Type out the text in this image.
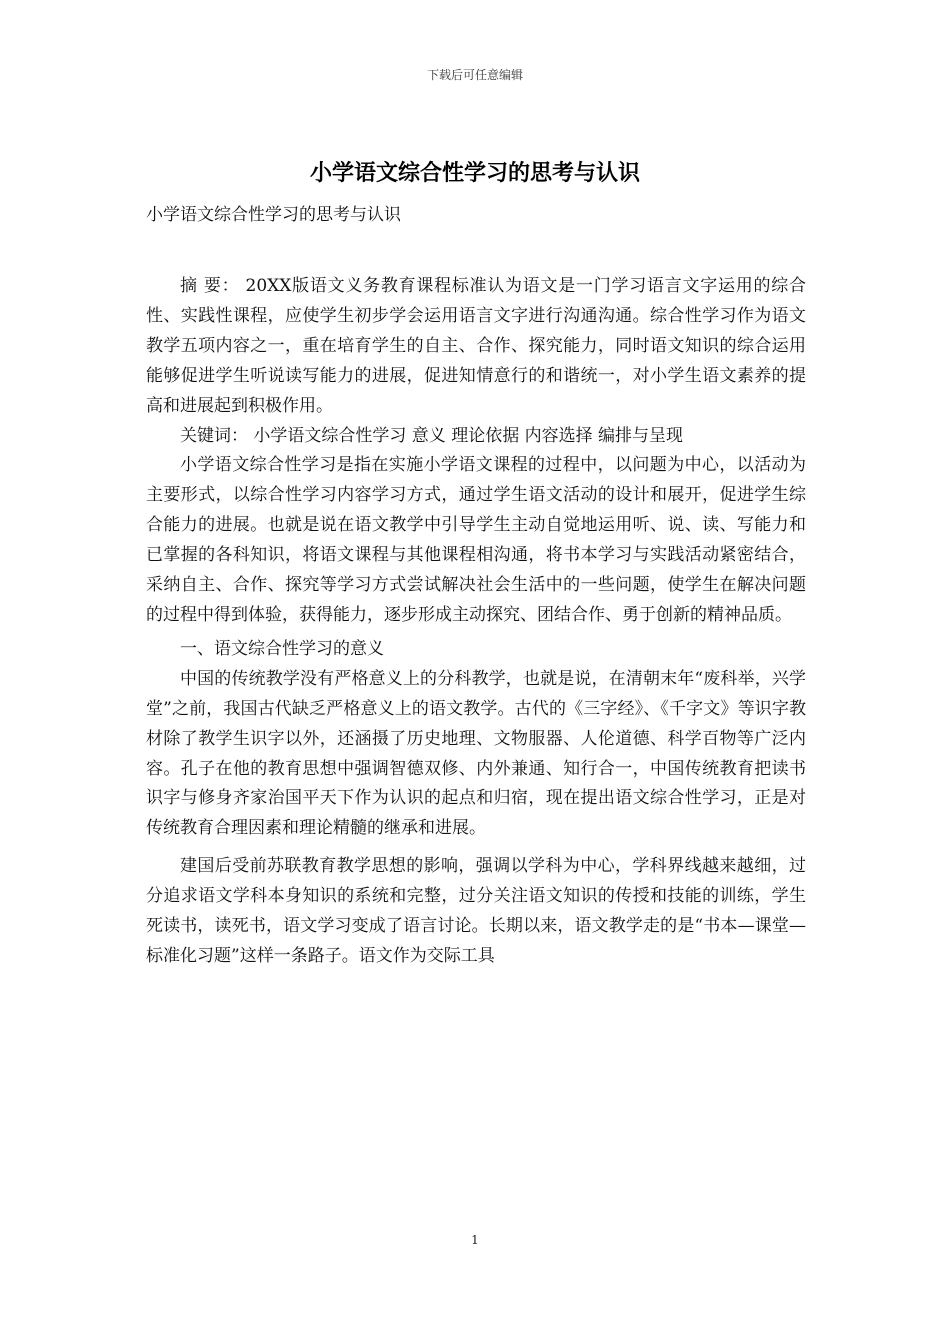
下载后可任意编辑
小学语文综合性学习的思考与认识
小学语文综合性学习的思考与认识

摘 要： 20XX版语文义务教育课程标准认为语文是一门学习语言文字运用的综合性、实践性课程，应使学生初步学会运用语言文字进行沟通沟通。综合性学习作为语文教学五项内容之一，重在培育学生的自主、合作、探究能力，同时语文知识的综合运用能够促进学生听说读写能力的进展，促进知情意行的和谐统一，对小学生语文素养的提高和进展起到积极作用。

关键词： 小学语文综合性学习 意义 理论依据 内容选择 编排与呈现

小学语文综合性学习是指在实施小学语文课程的过程中，以问题为中心，以活动为主要形式，以综合性学习内容学习方式，通过学生语文活动的设计和展开，促进学生综合能力的进展。也就是说在语文教学中引导学生主动自觉地运用听、说、读、写能力和已掌握的各科知识，将语文课程与其他课程相沟通，将书本学习与实践活动紧密结合，采纳自主、合作、探究等学习方式尝试解决社会生活中的一些问题，使学生在解决问题的过程中得到体验，获得能力，逐步形成主动探究、团结合作、勇于创新的精神品质。

一、语文综合性学习的意义

中国的传统教学没有严格意义上的分科教学，也就是说，在清朝末年“废科举，兴学堂”之前，我国古代缺乏严格意义上的语文教学。古代的《三字经》、《千字文》等识字教材除了教学生识字以外，还涵摄了历史地理、文物服器、人伦道德、科学百物等广泛内容。孔子在他的教育思想中强调智德双修、内外兼通、知行合一，中国传统教育把读书识字与修身齐家治国平天下作为认识的起点和归宿，现在提出语文综合性学习，正是对传统教育合理因素和理论精髓的继承和进展。

建国后受前苏联教育教学思想的影响，强调以学科为中心，学科界线越来越细，过分追求语文学科本身知识的系统和完整，过分关注语文知识的传授和技能的训练，学生死读书，读死书，语文学习变成了语言讨论。长期以来，语文教学走的是“书本—课堂—标准化习题”这样一条路子。语文作为交际工具

1
